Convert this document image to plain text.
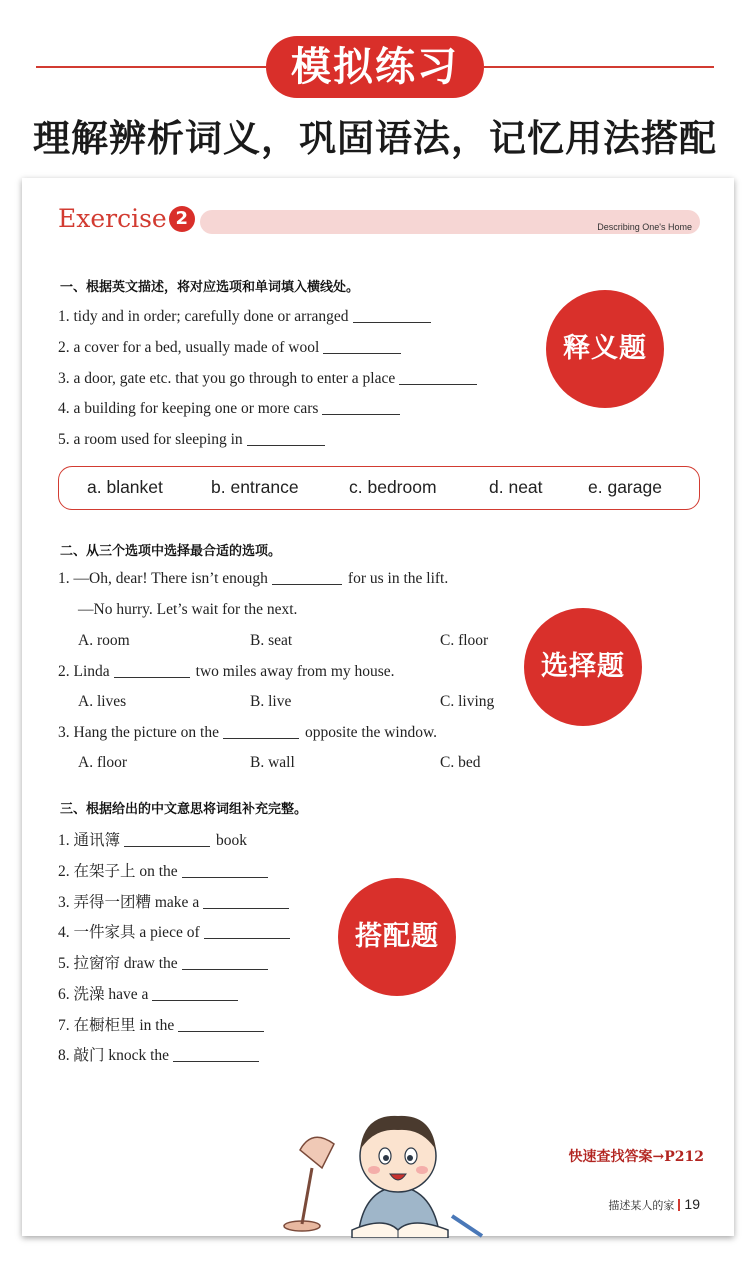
模拟练习
理解辨析词义，巩固语法，记忆用法搭配
Exercise 2	Describing One's Home
一、根据英文描述，将对应选项和单词填入横线处。
1. tidy and in order; carefully done or arranged
2. a cover for a bed, usually made of wool
3. a door, gate etc. that you go through to enter a place
4. a building for keeping one or more cars
5. a room used for sleeping in
a. blanket	b. entrance	c. bedroom	d. neat	e. garage
释义题
二、从三个选项中选择最合适的选项。
1. —Oh, dear! There isn’t enough	for us in the lift.
—No hurry. Let’s wait for the next.
A. room	B. seat	C. floor
2. Linda	two miles away from my house.
A. lives	B. live	C. living
3. Hang the picture on the	opposite the window.
A. floor	B. wall	C. bed
选择题
三、根据给出的中文意思将词组补充完整。
1. 通讯簿	book
2. 在架子上 on the
3. 弄得一团糟 make a
4. 一件家具 a piece of
5. 拉窗帘 draw the
6. 洗澡 have a
7. 在橱柜里 in the
8. 敲门 knock the
搭配题
快速查找答案→P212
描述某人的家 19
